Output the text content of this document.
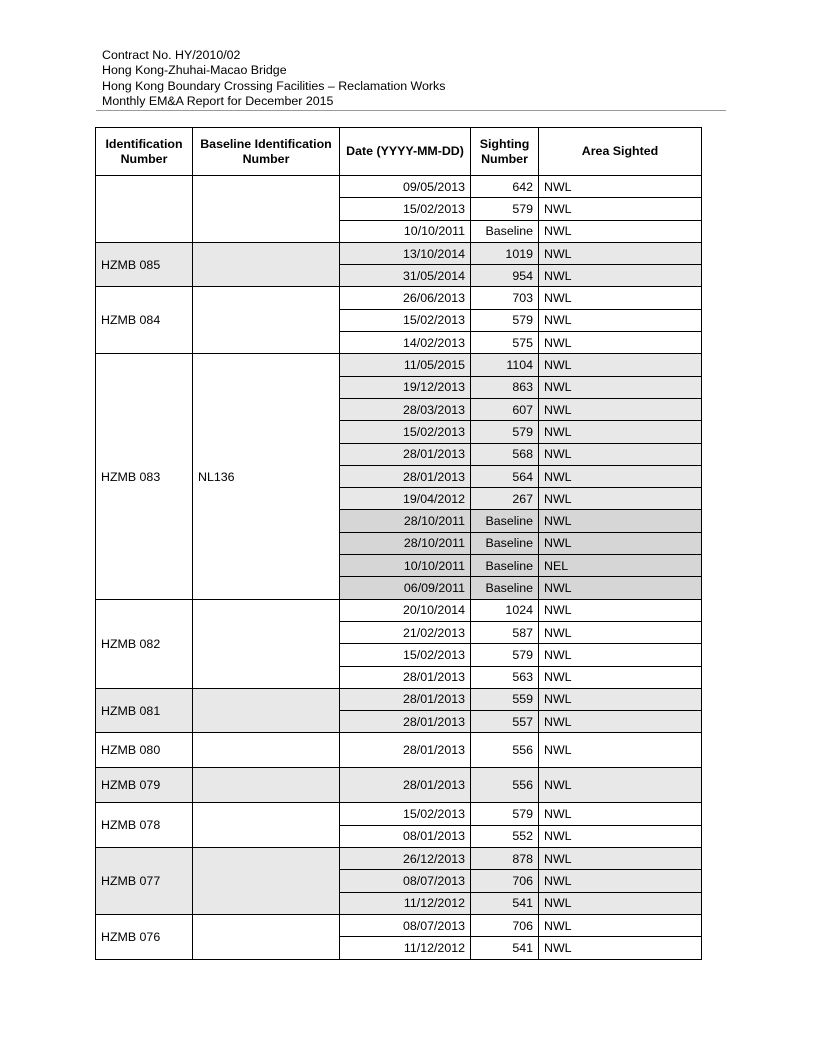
Contract No. HY/2010/02
Hong Kong-Zhuhai-Macao Bridge
Hong Kong Boundary Crossing Facilities – Reclamation Works
Monthly EM&A Report for December 2015
Identification Number	Baseline Identification Number	Date (YYYY-MM-DD)	Sighting Number	Area Sighted
		09/05/2013	642	NWL
		15/02/2013	579	NWL
		10/10/2011	Baseline	NWL
HZMB 085		13/10/2014	1019	NWL
		31/05/2014	954	NWL
HZMB 084		26/06/2013	703	NWL
		15/02/2013	579	NWL
		14/02/2013	575	NWL
HZMB 083	NL136	11/05/2015	1104	NWL
		19/12/2013	863	NWL
		28/03/2013	607	NWL
		15/02/2013	579	NWL
		28/01/2013	568	NWL
		28/01/2013	564	NWL
		19/04/2012	267	NWL
		28/10/2011	Baseline	NWL
		28/10/2011	Baseline	NWL
		10/10/2011	Baseline	NEL
		06/09/2011	Baseline	NWL
HZMB 082		20/10/2014	1024	NWL
		21/02/2013	587	NWL
		15/02/2013	579	NWL
		28/01/2013	563	NWL
HZMB 081		28/01/2013	559	NWL
		28/01/2013	557	NWL
HZMB 080		28/01/2013	556	NWL
HZMB 079		28/01/2013	556	NWL
HZMB 078		15/02/2013	579	NWL
		08/01/2013	552	NWL
HZMB 077		26/12/2013	878	NWL
		08/07/2013	706	NWL
		11/12/2012	541	NWL
HZMB 076		08/07/2013	706	NWL
		11/12/2012	541	NWL
